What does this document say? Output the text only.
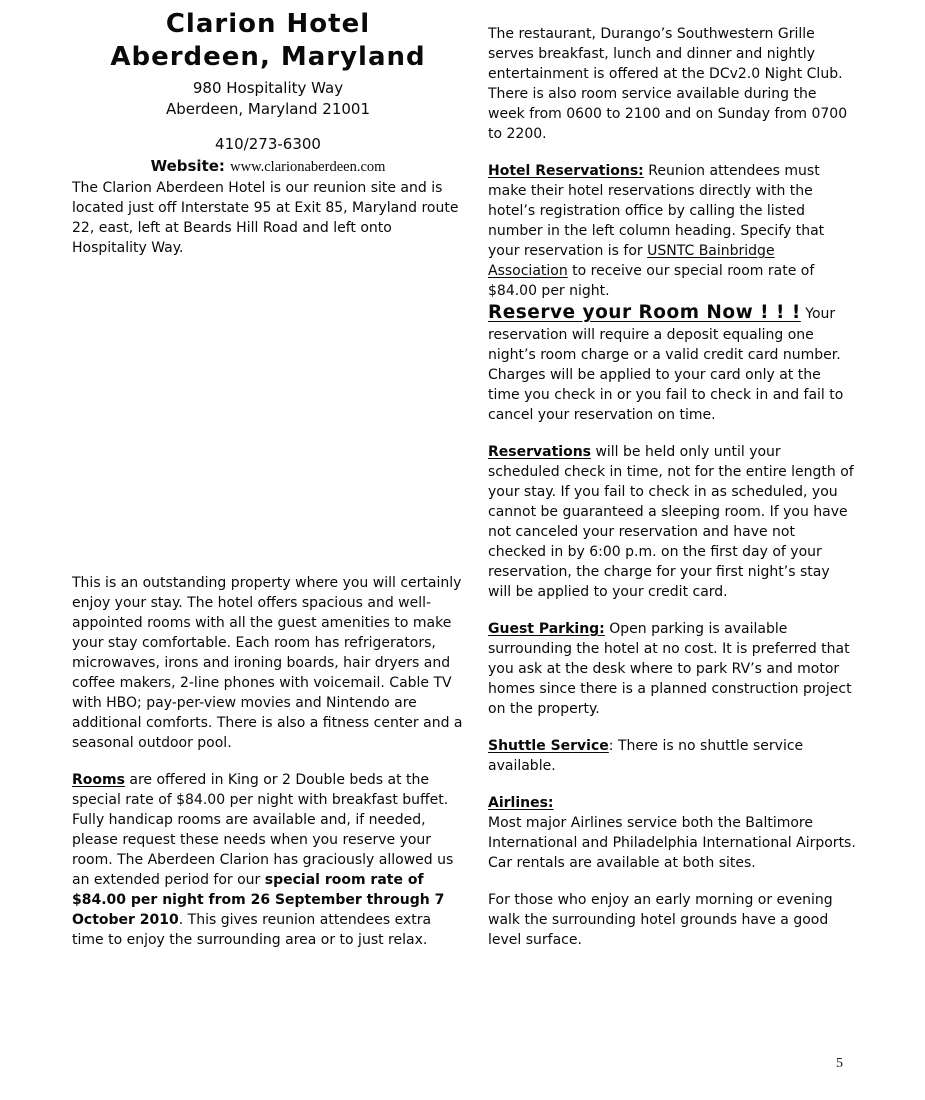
Clarion Hotel
Aberdeen, Maryland
980 Hospitality Way
Aberdeen, Maryland 21001
410/273-6300
Website: www.clarionaberdeen.com

The Clarion Aberdeen Hotel is our reunion site and is located just off Interstate 95 at Exit 85, Maryland route 22, east, left at Beards Hill Road and left onto Hospitality Way.

This is an outstanding property where you will certainly enjoy your stay. The hotel offers spacious and well-appointed rooms with all the guest amenities to make your stay comfortable. Each room has refrigerators, microwaves, irons and ironing boards, hair dryers and coffee makers, 2-line phones with voicemail. Cable TV with HBO; pay-per-view movies and Nintendo are additional comforts. There is also a fitness center and a seasonal outdoor pool.

Rooms are offered in King or 2 Double beds at the special rate of $84.00 per night with breakfast buffet. Fully handicap rooms are available and, if needed, please request these needs when you reserve your room. The Aberdeen Clarion has graciously allowed us an extended period for our special room rate of $84.00 per night from 26 September through 7 October 2010. This gives reunion attendees extra time to enjoy the surrounding area or to just relax.

The restaurant, Durango’s Southwestern Grille serves breakfast, lunch and dinner and nightly entertainment is offered at the DCv2.0 Night Club.
There is also room service available during the week from 0600 to 2100 and on Sunday from 0700 to 2200.

Hotel Reservations: Reunion attendees must make their hotel reservations directly with the hotel’s registration office by calling the listed number in the left column heading. Specify that your reservation is for USNTC Bainbridge Association to receive our special room rate of $84.00 per night.

Reserve your Room Now ! ! ! Your reservation will require a deposit equaling one night’s room charge or a valid credit card number. Charges will be applied to your card only at the time you check in or you fail to check in and fail to cancel your reservation on time.

Reservations will be held only until your scheduled check in time, not for the entire length of your stay. If you fail to check in as scheduled, you cannot be guaranteed a sleeping room. If you have not canceled your reservation and have not checked in by 6:00 p.m. on the first day of your reservation, the charge for your first night’s stay will be applied to your credit card.

Guest Parking: Open parking is available surrounding the hotel at no cost. It is preferred that you ask at the desk where to park RV’s and motor homes since there is a planned construction project on the property.

Shuttle Service: There is no shuttle service available.

Airlines:
Most major Airlines service both the Baltimore International and Philadelphia International Airports. Car rentals are available at both sites.

For those who enjoy an early morning or evening walk the surrounding hotel grounds have a good level surface.

5
